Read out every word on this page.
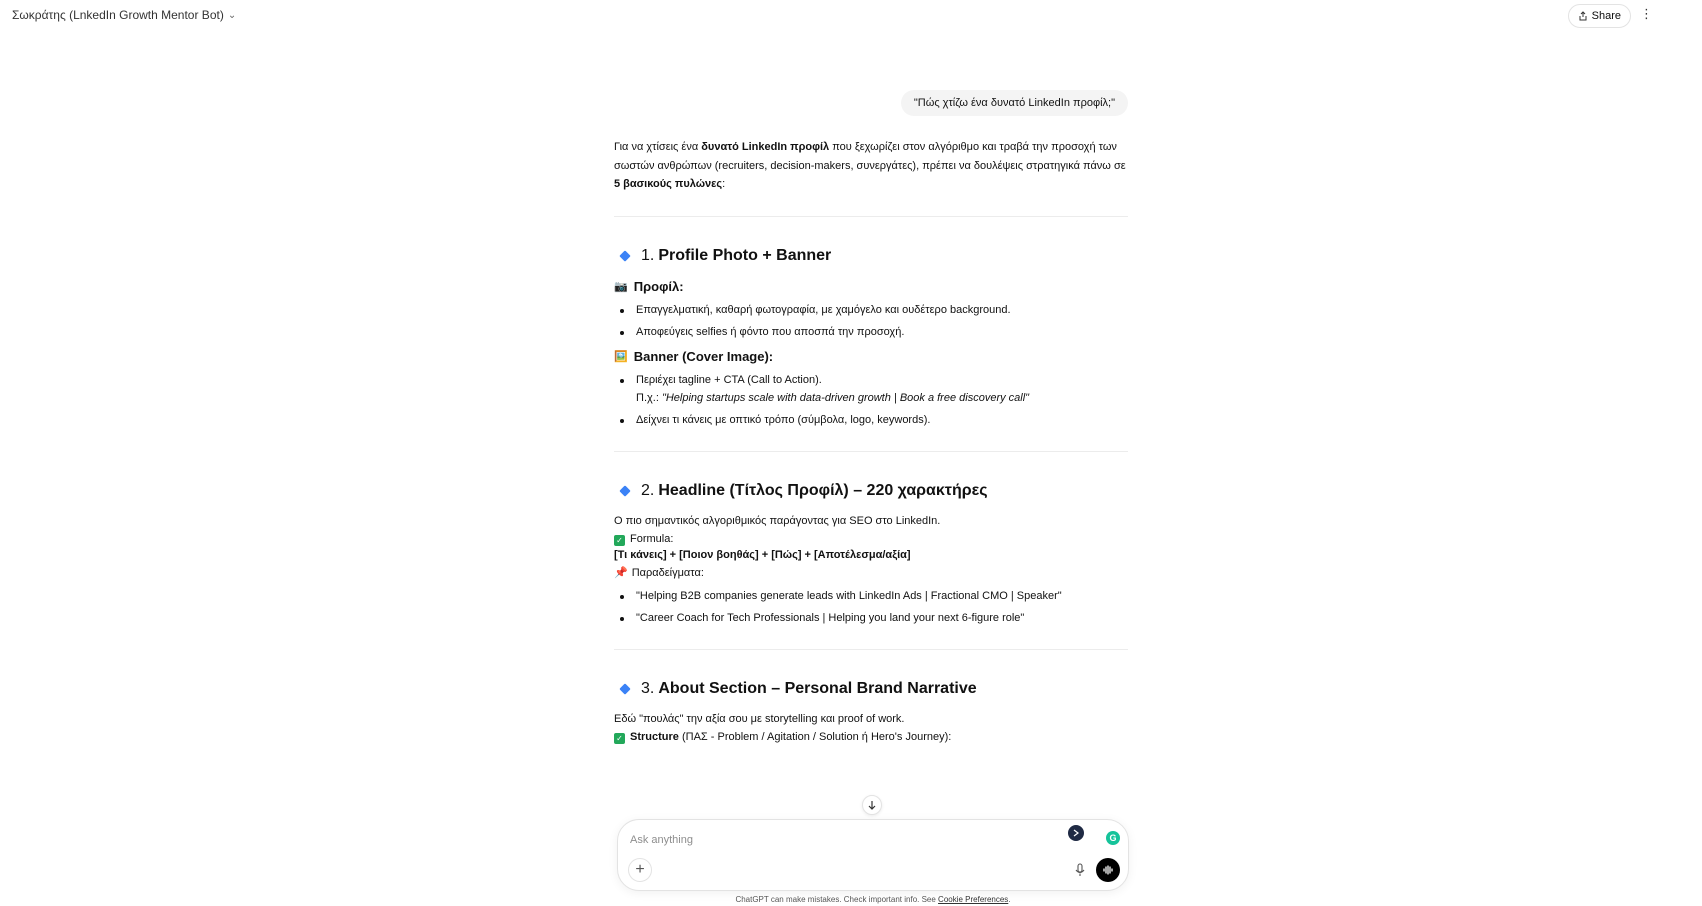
Σωκράτης (LnkedIn Growth Mentor Bot) ⌄	Share ⋮
"Πώς χτίζω ένα δυνατό LinkedIn προφίλ;"

Για να χτίσεις ένα δυνατό LinkedIn προφίλ που ξεχωρίζει στον αλγόριθμο και τραβά την προσοχή των σωστών ανθρώπων (recruiters, decision-makers, συνεργάτες), πρέπει να δουλέψεις στρατηγικά πάνω σε 5 βασικούς πυλώνες:

1. Profile Photo + Banner
📷 Προφίλ:
Επαγγελματική, καθαρή φωτογραφία, με χαμόγελο και ουδέτερο background.
Αποφεύγεις selfies ή φόντο που αποσπά την προσοχή.
🖼️ Banner (Cover Image):
Περιέχει tagline + CTA (Call to Action).
Π.χ.: "Helping startups scale with data-driven growth | Book a free discovery call"
Δείχνει τι κάνεις με οπτικό τρόπο (σύμβολα, logo, keywords).
2. Headline (Τίτλος Προφίλ) – 220 χαρακτήρες

Ο πιο σημαντικός αλγοριθμικός παράγοντας για SEO στο LinkedIn.

✓ Formula:

[Τι κάνεις] + [Ποιον βοηθάς] + [Πώς] + [Αποτέλεσμα/αξία]

📌 Παραδείγματα:

"Helping B2B companies generate leads with LinkedIn Ads | Fractional CMO | Speaker"
"Career Coach for Tech Professionals | Helping you land your next 6-figure role"
3. About Section – Personal Brand Narrative

Εδώ "πουλάς" την αξία σου με storytelling και proof of work.

✓ Structure (ΠΑΣ - Problem / Agitation / Solution ή Hero's Journey):

Ask anything
G
+
ChatGPT can make mistakes. Check important info. See Cookie Preferences.
